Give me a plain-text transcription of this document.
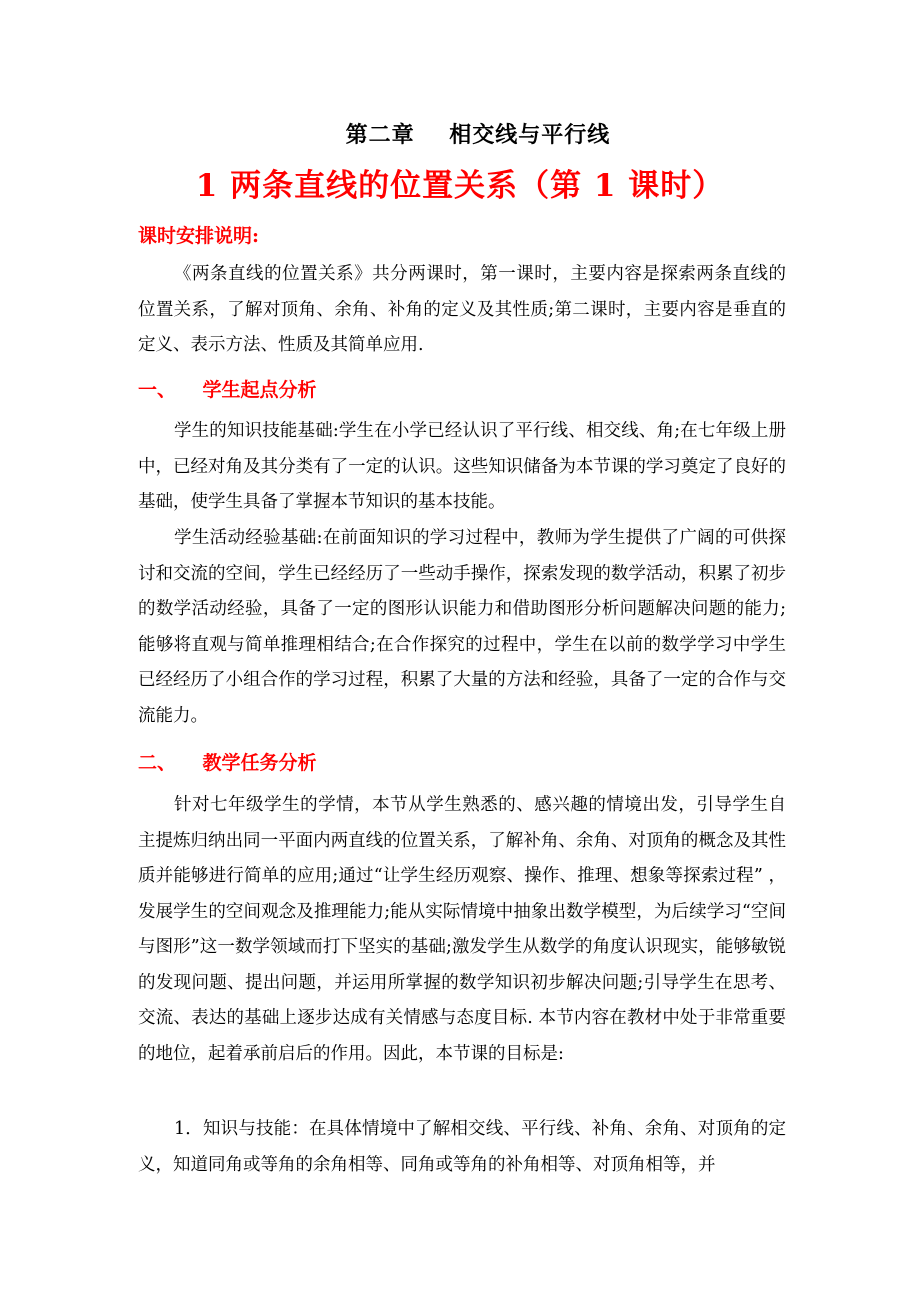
第二章    相交线与平行线
1 两条直线的位置关系（第 1 课时）
课时安排说明:
《两条直线的位置关系》共分两课时，第一课时，主要内容是探索两条直线的位置关系，了解对顶角、余角、补角的定义及其性质;第二课时，主要内容是垂直的定义、表示方法、性质及其简单应用.
一、    学生起点分析
学生的知识技能基础:学生在小学已经认识了平行线、相交线、角;在七年级上册中，已经对角及其分类有了一定的认识。这些知识储备为本节课的学习奠定了良好的基础，使学生具备了掌握本节知识的基本技能。
学生活动经验基础:在前面知识的学习过程中，教师为学生提供了广阔的可供探讨和交流的空间，学生已经经历了一些动手操作，探索发现的数学活动，积累了初步的数学活动经验，具备了一定的图形认识能力和借助图形分析问题解决问题的能力;能够将直观与简单推理相结合;在合作探究的过程中，学生在以前的数学学习中学生已经经历了小组合作的学习过程，积累了大量的方法和经验，具备了一定的合作与交流能力。
二、    教学任务分析
针对七年级学生的学情，本节从学生熟悉的、感兴趣的情境出发，引导学生自主提炼归纳出同一平面内两直线的位置关系，了解补角、余角、对顶角的概念及其性质并能够进行简单的应用;通过“让学生经历观察、操作、推理、想象等探索过程” ，发展学生的空间观念及推理能力;能从实际情境中抽象出数学模型，为后续学习“空间与图形”这一数学领域而打下坚实的基础;激发学生从数学的角度认识现实，能够敏锐的发现问题、提出问题，并运用所掌握的数学知识初步解决问题;引导学生在思考、交流、表达的基础上逐步达成有关情感与态度目标. 本节内容在教材中处于非常重要的地位，起着承前启后的作用。因此，本节课的目标是:
1．知识与技能：在具体情境中了解相交线、平行线、补角、余角、对顶角的定义，知道同角或等角的余角相等、同角或等角的补角相等、对顶角相等，并
